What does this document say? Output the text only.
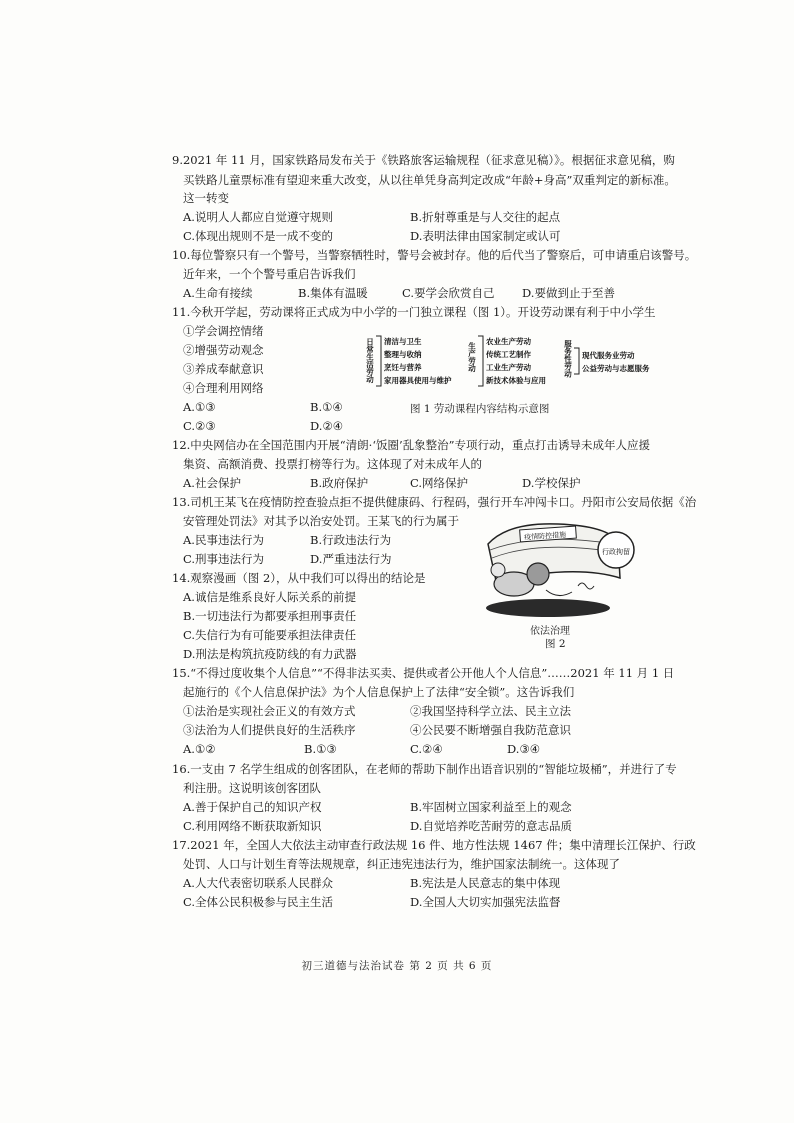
9.2021 年 11 月，国家铁路局发布关于《铁路旅客运输规程（征求意见稿）》。根据征求意见稿，购
买铁路儿童票标准有望迎来重大改变，从以往单凭身高判定改成“年龄+身高”双重判定的新标准。
这一转变
A.说明人人都应自觉遵守规则	B.折射尊重是与人交往的起点
C.体现出规则不是一成不变的	D.表明法律由国家制定或认可
10.每位警察只有一个警号，当警察牺牲时，警号会被封存。他的后代当了警察后，可申请重启该警号。
近年来，一个个警号重启告诉我们
A.生命有接续	B.集体有温暖	C.要学会欣赏自己 D.要做到止于至善
11.今秋开学起，劳动课将正式成为中小学的一门独立课程（图 1）。开设劳动课有利于中小学生
①学会调控情绪
②增强劳动观念
③养成奉献意识
④合理利用网络
A.①③	B.①④
C.②③	D.②④
日常生活劳动 清洁与卫生
整理与收纳
烹饪与营养
家用器具使用与维护
生产劳动
农业生产劳动
传统工艺制作
工业生产劳动
新技术体验与应用
服务性劳动 现代服务业劳动
公益劳动与志愿服务
图 1 劳动课程内容结构示意图
12.中央网信办在全国范围内开展“清朗·‘饭圈’乱象整治”专项行动，重点打击诱导未成年人应援
集资、高额消费、投票打榜等行为。这体现了对未成年人的
A.社会保护	B.政府保护	C.网络保护	D.学校保护
13.司机王某飞在疫情防控查验点拒不提供健康码、行程码，强行开车冲闯卡口。丹阳市公安局依据《治
安管理处罚法》对其予以治安处罚。王某飞的行为属于
A.民事违法行为	B.行政违法行为
C.刑事违法行为	D.严重违法行为
14.观察漫画（图 2），从中我们可以得出的结论是
A.诚信是维系良好人际关系的前提
B.一切违法行为都要承担刑事责任
C.失信行为有可能要承担法律责任
D.刑法是构筑抗疫防线的有力武器
疫情防控措施
行政拘留
依法治理
图 2
15.“不得过度收集个人信息”“不得非法买卖、提供或者公开他人个人信息”……2021 年 11 月 1 日
起施行的《个人信息保护法》为个人信息保护上了法律“安全锁”。这告诉我们
①法治是实现社会正义的有效方式	②我国坚持科学立法、民主立法
③法治为人们提供良好的生活秩序	④公民要不断增强自我防范意识
A.①②	B.①③	C.②④	D.③④
16.一支由 7 名学生组成的创客团队，在老师的帮助下制作出语音识别的“智能垃圾桶”，并进行了专
利注册。这说明该创客团队
A.善于保护自己的知识产权	B.牢固树立国家利益至上的观念
C.利用网络不断获取新知识	D.自觉培养吃苦耐劳的意志品质
17.2021 年，全国人大依法主动审查行政法规 16 件、地方性法规 1467 件；集中清理长江保护、行政
处罚、人口与计划生育等法规规章，纠正违宪违法行为，维护国家法制统一。这体现了
A.人大代表密切联系人民群众	B.宪法是人民意志的集中体现
C.全体公民积极参与民主生活	D.全国人大切实加强宪法监督
初三道德与法治试卷 第 2 页 共 6 页
